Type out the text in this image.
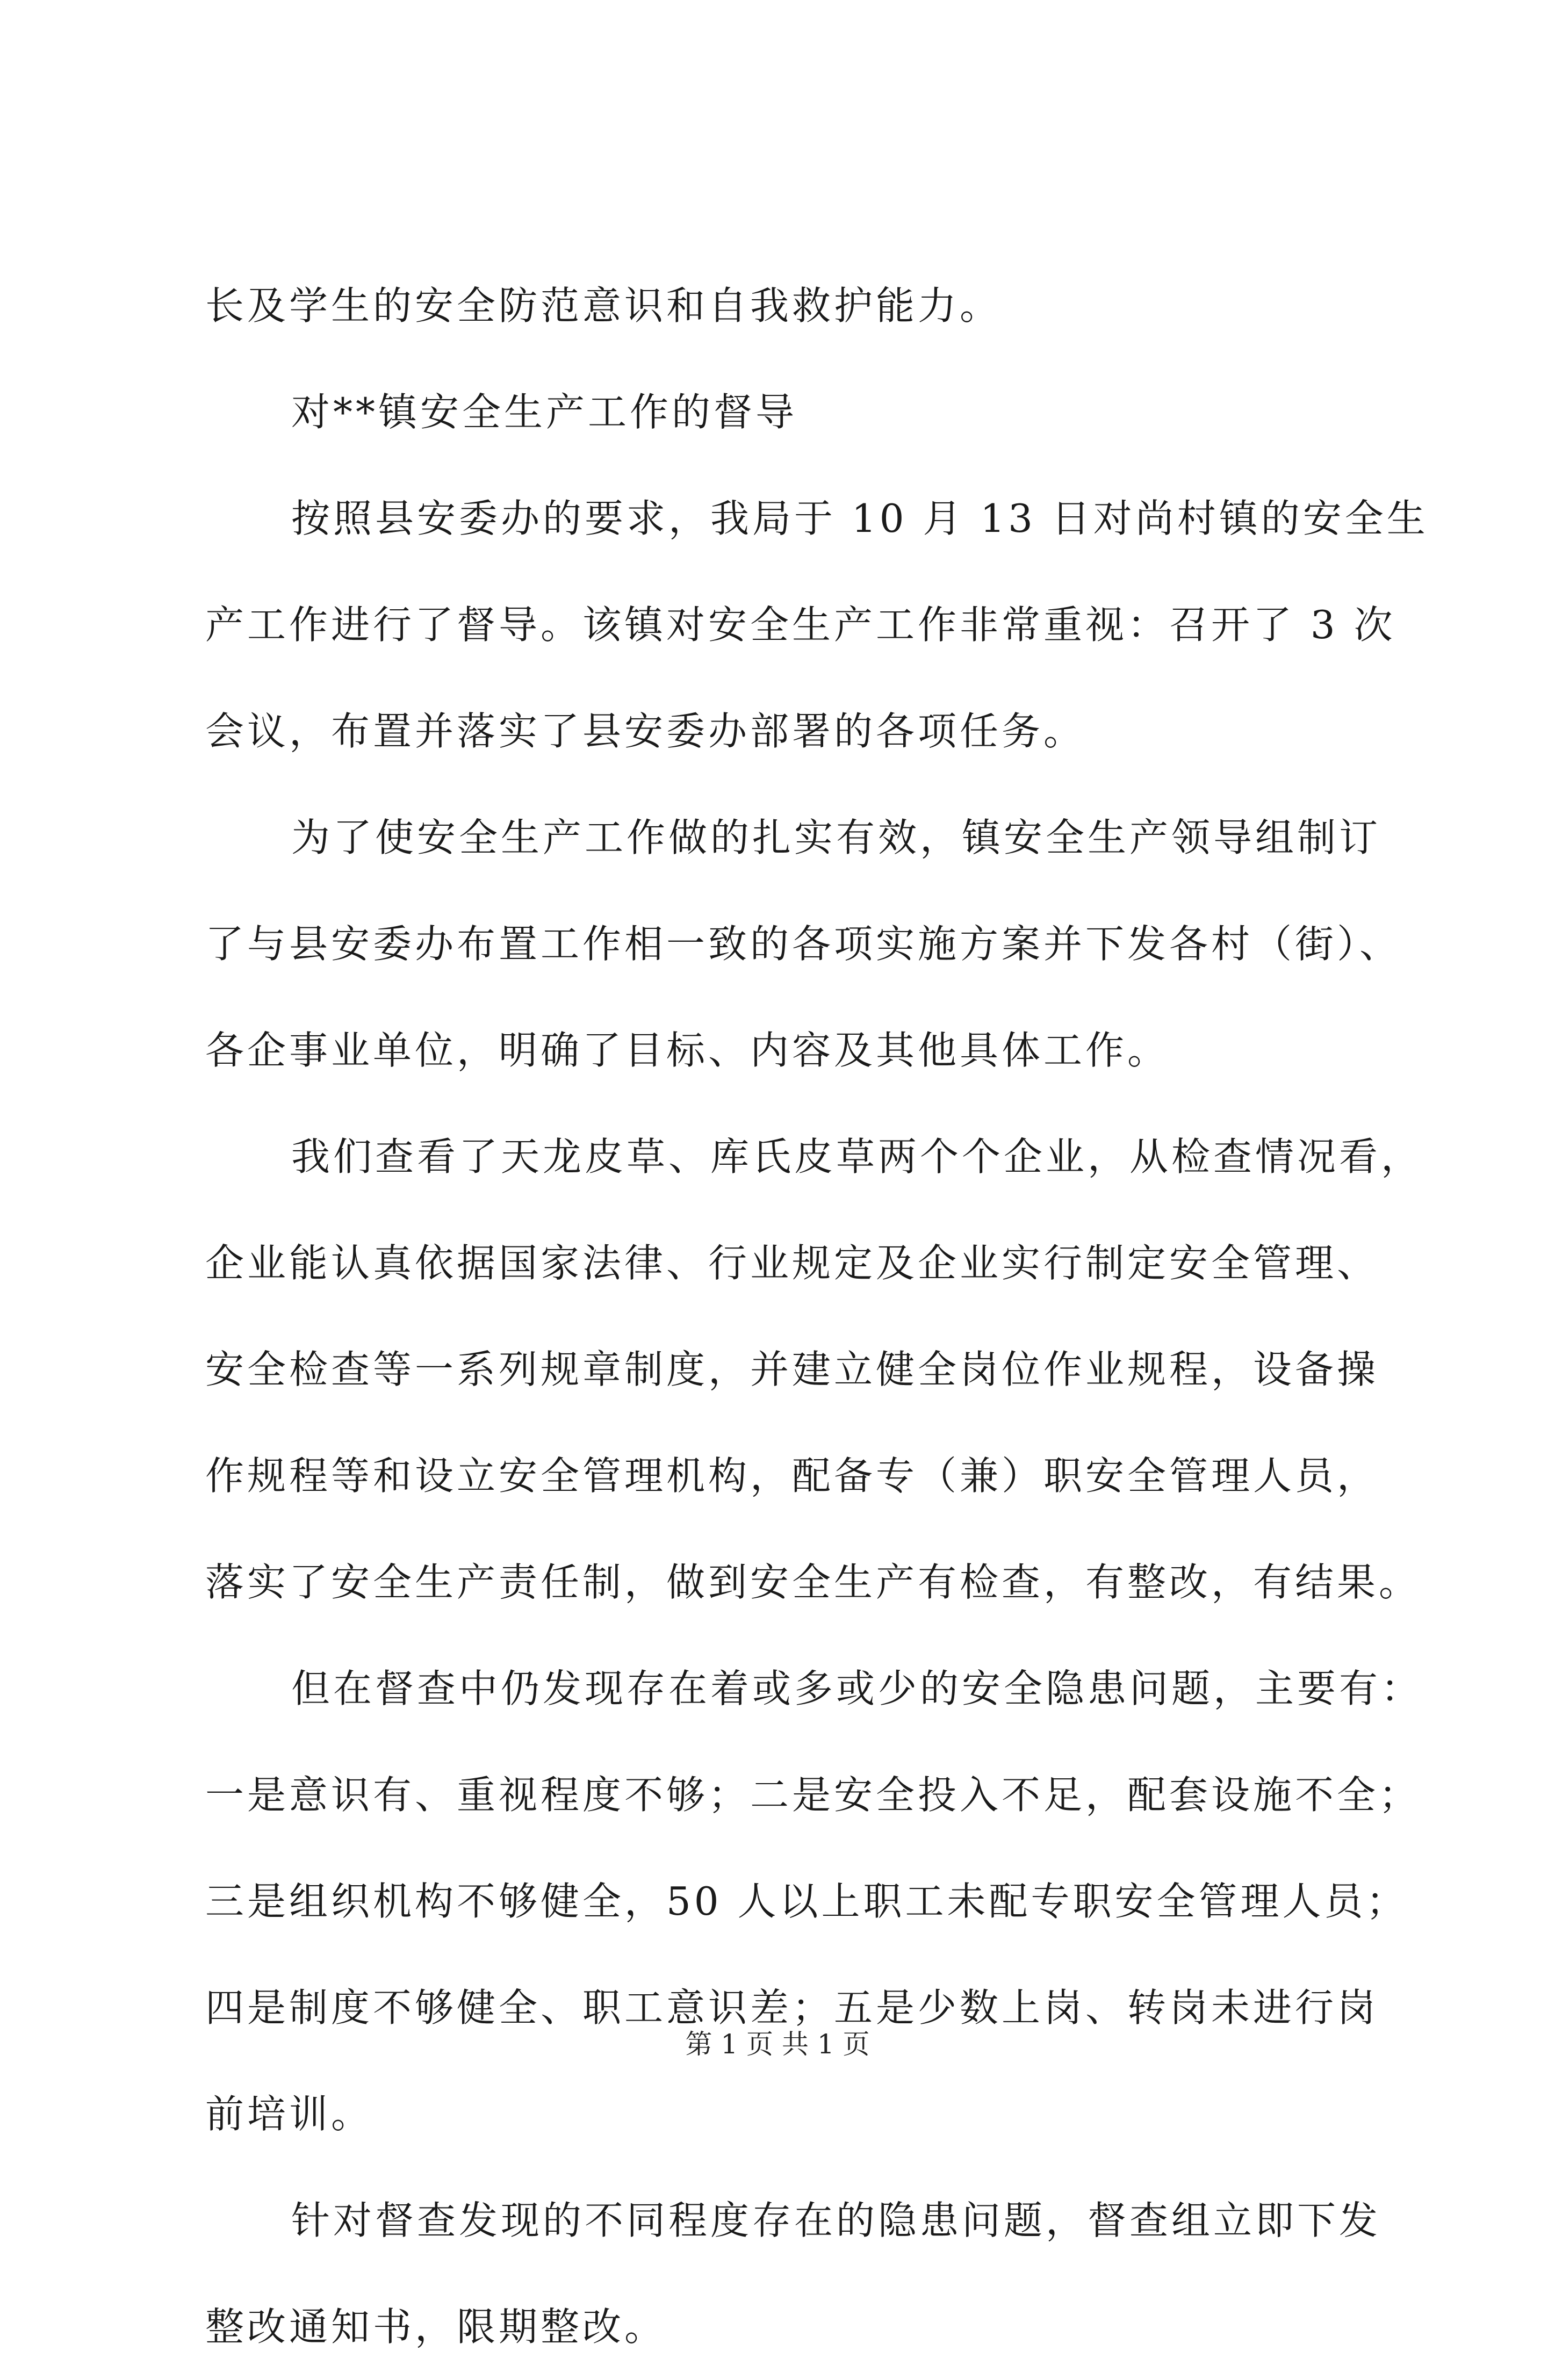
长及学生的安全防范意识和自我救护能力。
对**镇安全生产工作的督导
按照县安委办的要求，我局于 10 月 13 日对尚村镇的安全生
产工作进行了督导。该镇对安全生产工作非常重视：召开了 3 次
会议，布置并落实了县安委办部署的各项任务。
为了使安全生产工作做的扎实有效，镇安全生产领导组制订
了与县安委办布置工作相一致的各项实施方案并下发各村（街）、
各企事业单位，明确了目标、内容及其他具体工作。
我们查看了天龙皮草、库氏皮草两个个企业，从检查情况看，
企业能认真依据国家法律、行业规定及企业实行制定安全管理、
安全检查等一系列规章制度，并建立健全岗位作业规程，设备操
作规程等和设立安全管理机构，配备专（兼）职安全管理人员，
落实了安全生产责任制，做到安全生产有检查，有整改，有结果。
但在督查中仍发现存在着或多或少的安全隐患问题，主要有：
一是意识有、重视程度不够；二是安全投入不足，配套设施不全；
三是组织机构不够健全，50 人以上职工未配专职安全管理人员；
四是制度不够健全、职工意识差；五是少数上岗、转岗未进行岗
前培训。
针对督查发现的不同程度存在的隐患问题，督查组立即下发
整改通知书，限期整改。
第 1 页 共 1 页
